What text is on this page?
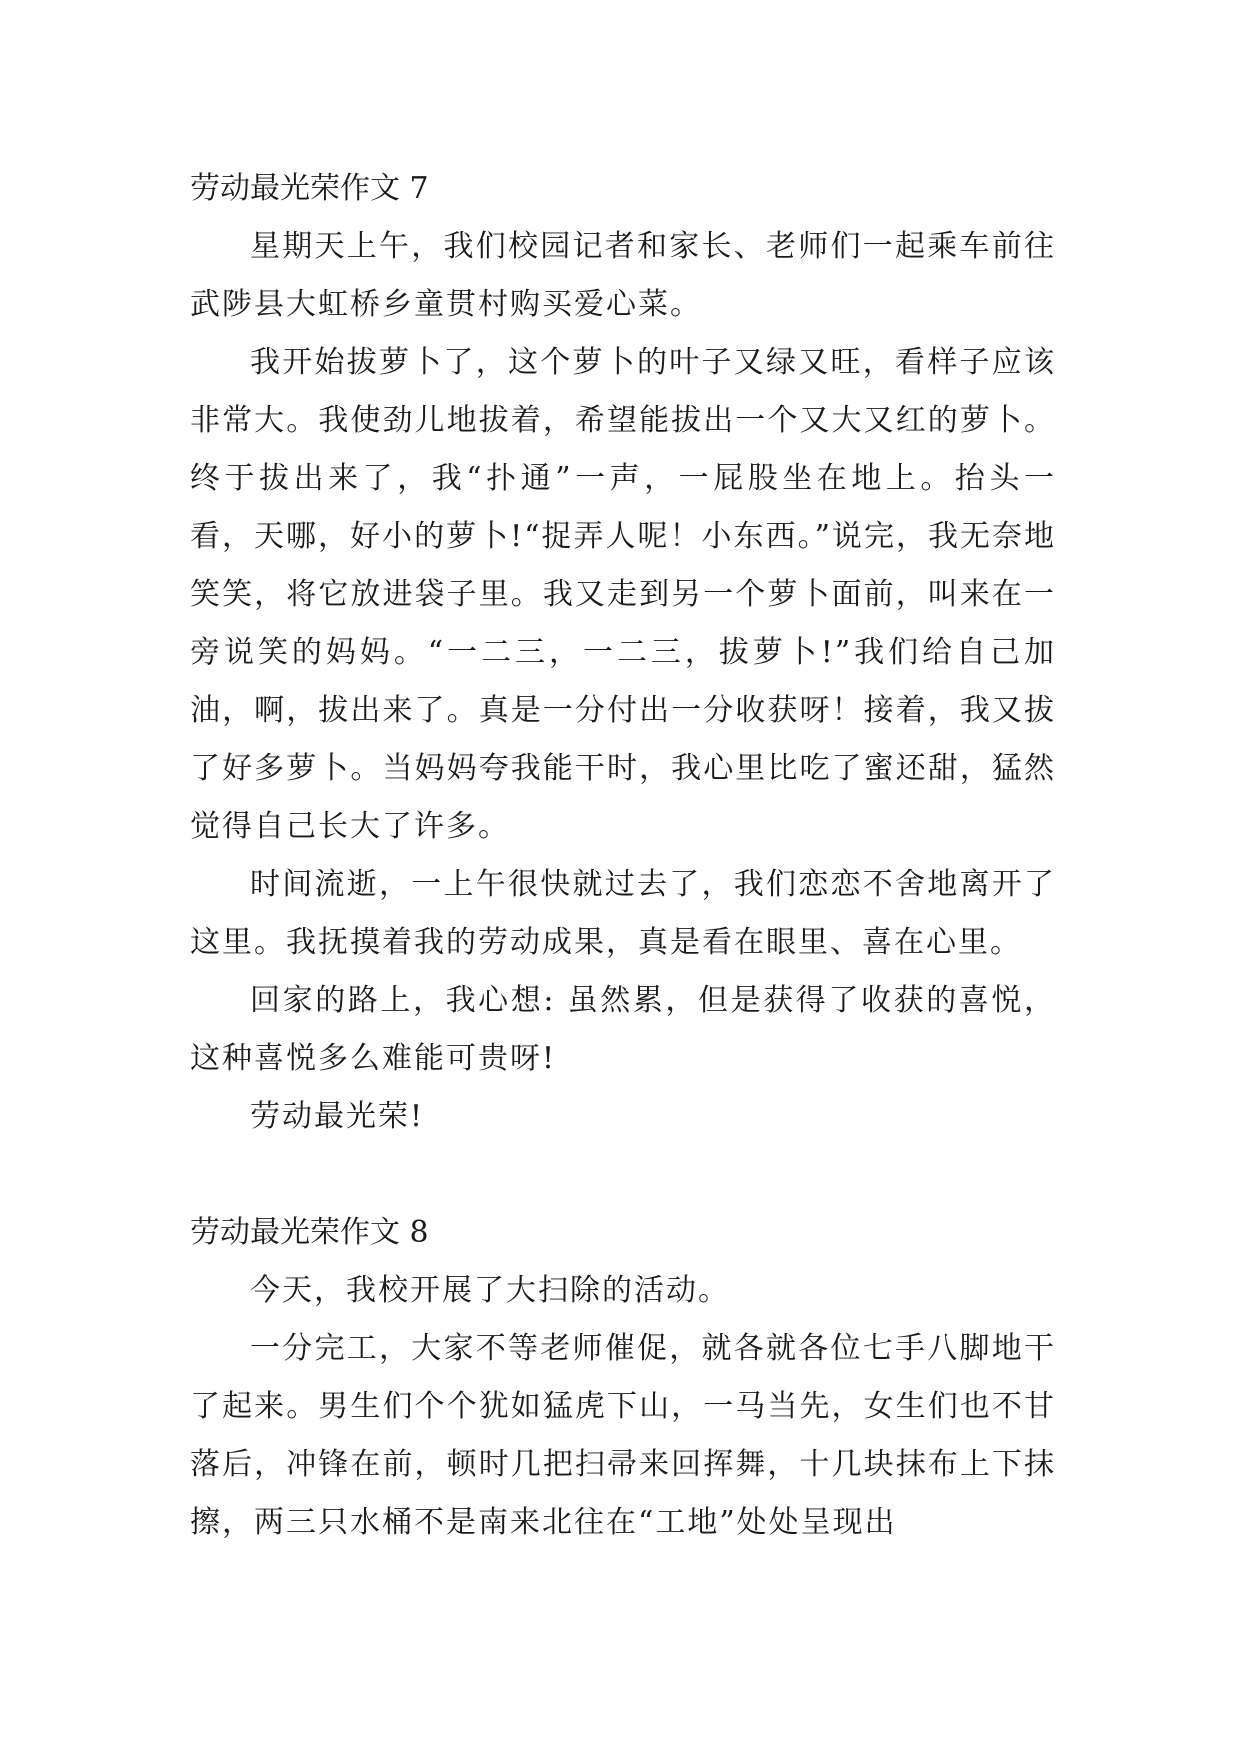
劳动最光荣作文 7

星期天上午，我们校园记者和家长、老师们一起乘车前往武陟县大虹桥乡童贯村购买爱心菜。

我开始拔萝卜了，这个萝卜的叶子又绿又旺，看样子应该非常大。我使劲儿地拔着，希望能拔出一个又大又红的萝卜。终于拔出来了，我“扑通”一声，一屁股坐在地上。抬头一看，天哪，好小的萝卜!“捉弄人呢！小东西。”说完，我无奈地笑笑，将它放进袋子里。我又走到另一个萝卜面前，叫来在一旁说笑的妈妈。“一二三，一二三，拔萝卜!”我们给自己加油，啊，拔出来了。真是一分付出一分收获呀！接着，我又拔了好多萝卜。当妈妈夸我能干时，我心里比吃了蜜还甜，猛然觉得自己长大了许多。

时间流逝，一上午很快就过去了，我们恋恋不舍地离开了这里。我抚摸着我的劳动成果，真是看在眼里、喜在心里。

回家的路上，我心想: 虽然累，但是获得了收获的喜悦，这种喜悦多么难能可贵呀!

劳动最光荣!

劳动最光荣作文 8

今天，我校开展了大扫除的活动。

一分完工，大家不等老师催促，就各就各位七手八脚地干了起来。男生们个个犹如猛虎下山，一马当先，女生们也不甘落后，冲锋在前，顿时几把扫帚来回挥舞，十几块抹布上下抹擦，两三只水桶不是南来北往在“工地”处处呈现出
